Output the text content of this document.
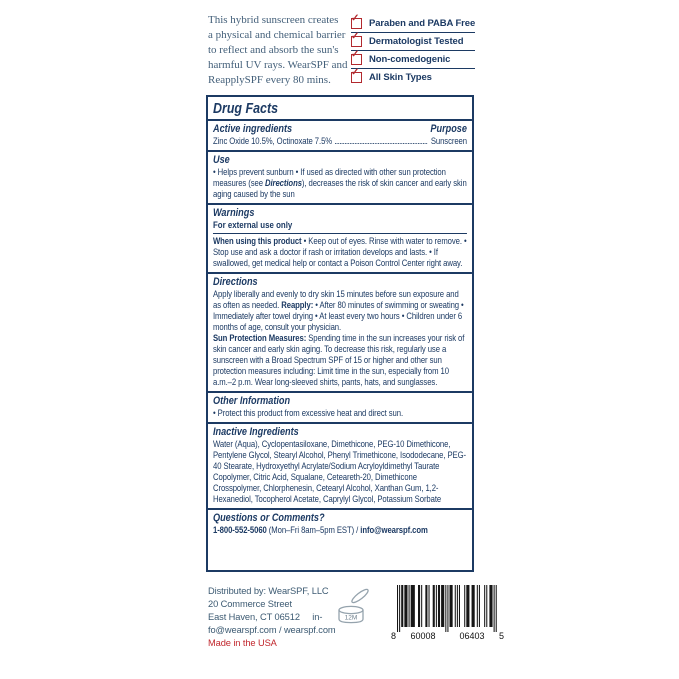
This hybrid sunscreen creates
a physical and chemical barrier
to reflect and absorb the sun's
harmful UV rays. WearSPF and
ReapplySPF every 80 mins.
✓ Paraben and PABA Free
✓ Dermatologist Tested
✓ Non-comedogenic
✓ All Skin Types
Drug Facts
Active ingredients	Purpose
Zinc Oxide 10.5%, Octinoxate 7.5%	Sunscreen
Use
• Helps prevent sunburn • If used as directed with other sun protection measures (see Directions), decreases the risk of skin cancer and early skin aging caused by the sun
Warnings
For external use only
When using this product • Keep out of eyes. Rinse with water to remove. • Stop use and ask a doctor if rash or irritation develops and lasts. • If swallowed, get medical help or contact a Poison Control Center right away.
Directions
Apply liberally and evenly to dry skin 15 minutes before sun exposure and as often as needed. Reapply: • After 80 minutes of swimming or sweating • Immediately after towel drying • At least every two hours • Children under 6 months of age, consult your physician.
Sun Protection Measures: Spending time in the sun increases your risk of skin cancer and early skin aging. To decrease this risk, regularly use a sunscreen with a Broad Spectrum SPF of 15 or higher and other sun protection measures including: Limit time in the sun, especially from 10 a.m.–2 p.m. Wear long-sleeved shirts, pants, hats, and sunglasses.
Other Information
• Protect this product from excessive heat and direct sun.
Inactive Ingredients
Water (Aqua), Cyclopentasiloxane, Dimethicone, PEG-10 Dimethicone, Pentylene Glycol, Stearyl Alcohol, Phenyl Trimethicone, Isododecane, PEG-40 Stearate, Hydroxyethyl Acrylate/Sodium Acryloyldimethyl Taurate Copolymer, Citric Acid, Squalane, Ceteareth-20, Dimethicone Crosspolymer, Chlorphenesin, Cetearyl Alcohol, Xanthan Gum, 1,2-Hexanediol, Tocopherol Acetate, Caprylyl Glycol, Potassium Sorbate
Questions or Comments?
1-800-552-5060 (Mon–Fri 8am–5pm EST) / info@wearspf.com
Distributed by: WearSPF, LLC
20 Commerce Street
East Haven, CT 06512     in-
fo@wearspf.com / wearspf.com
Made in the USA
12M
8 60008	06403 5
